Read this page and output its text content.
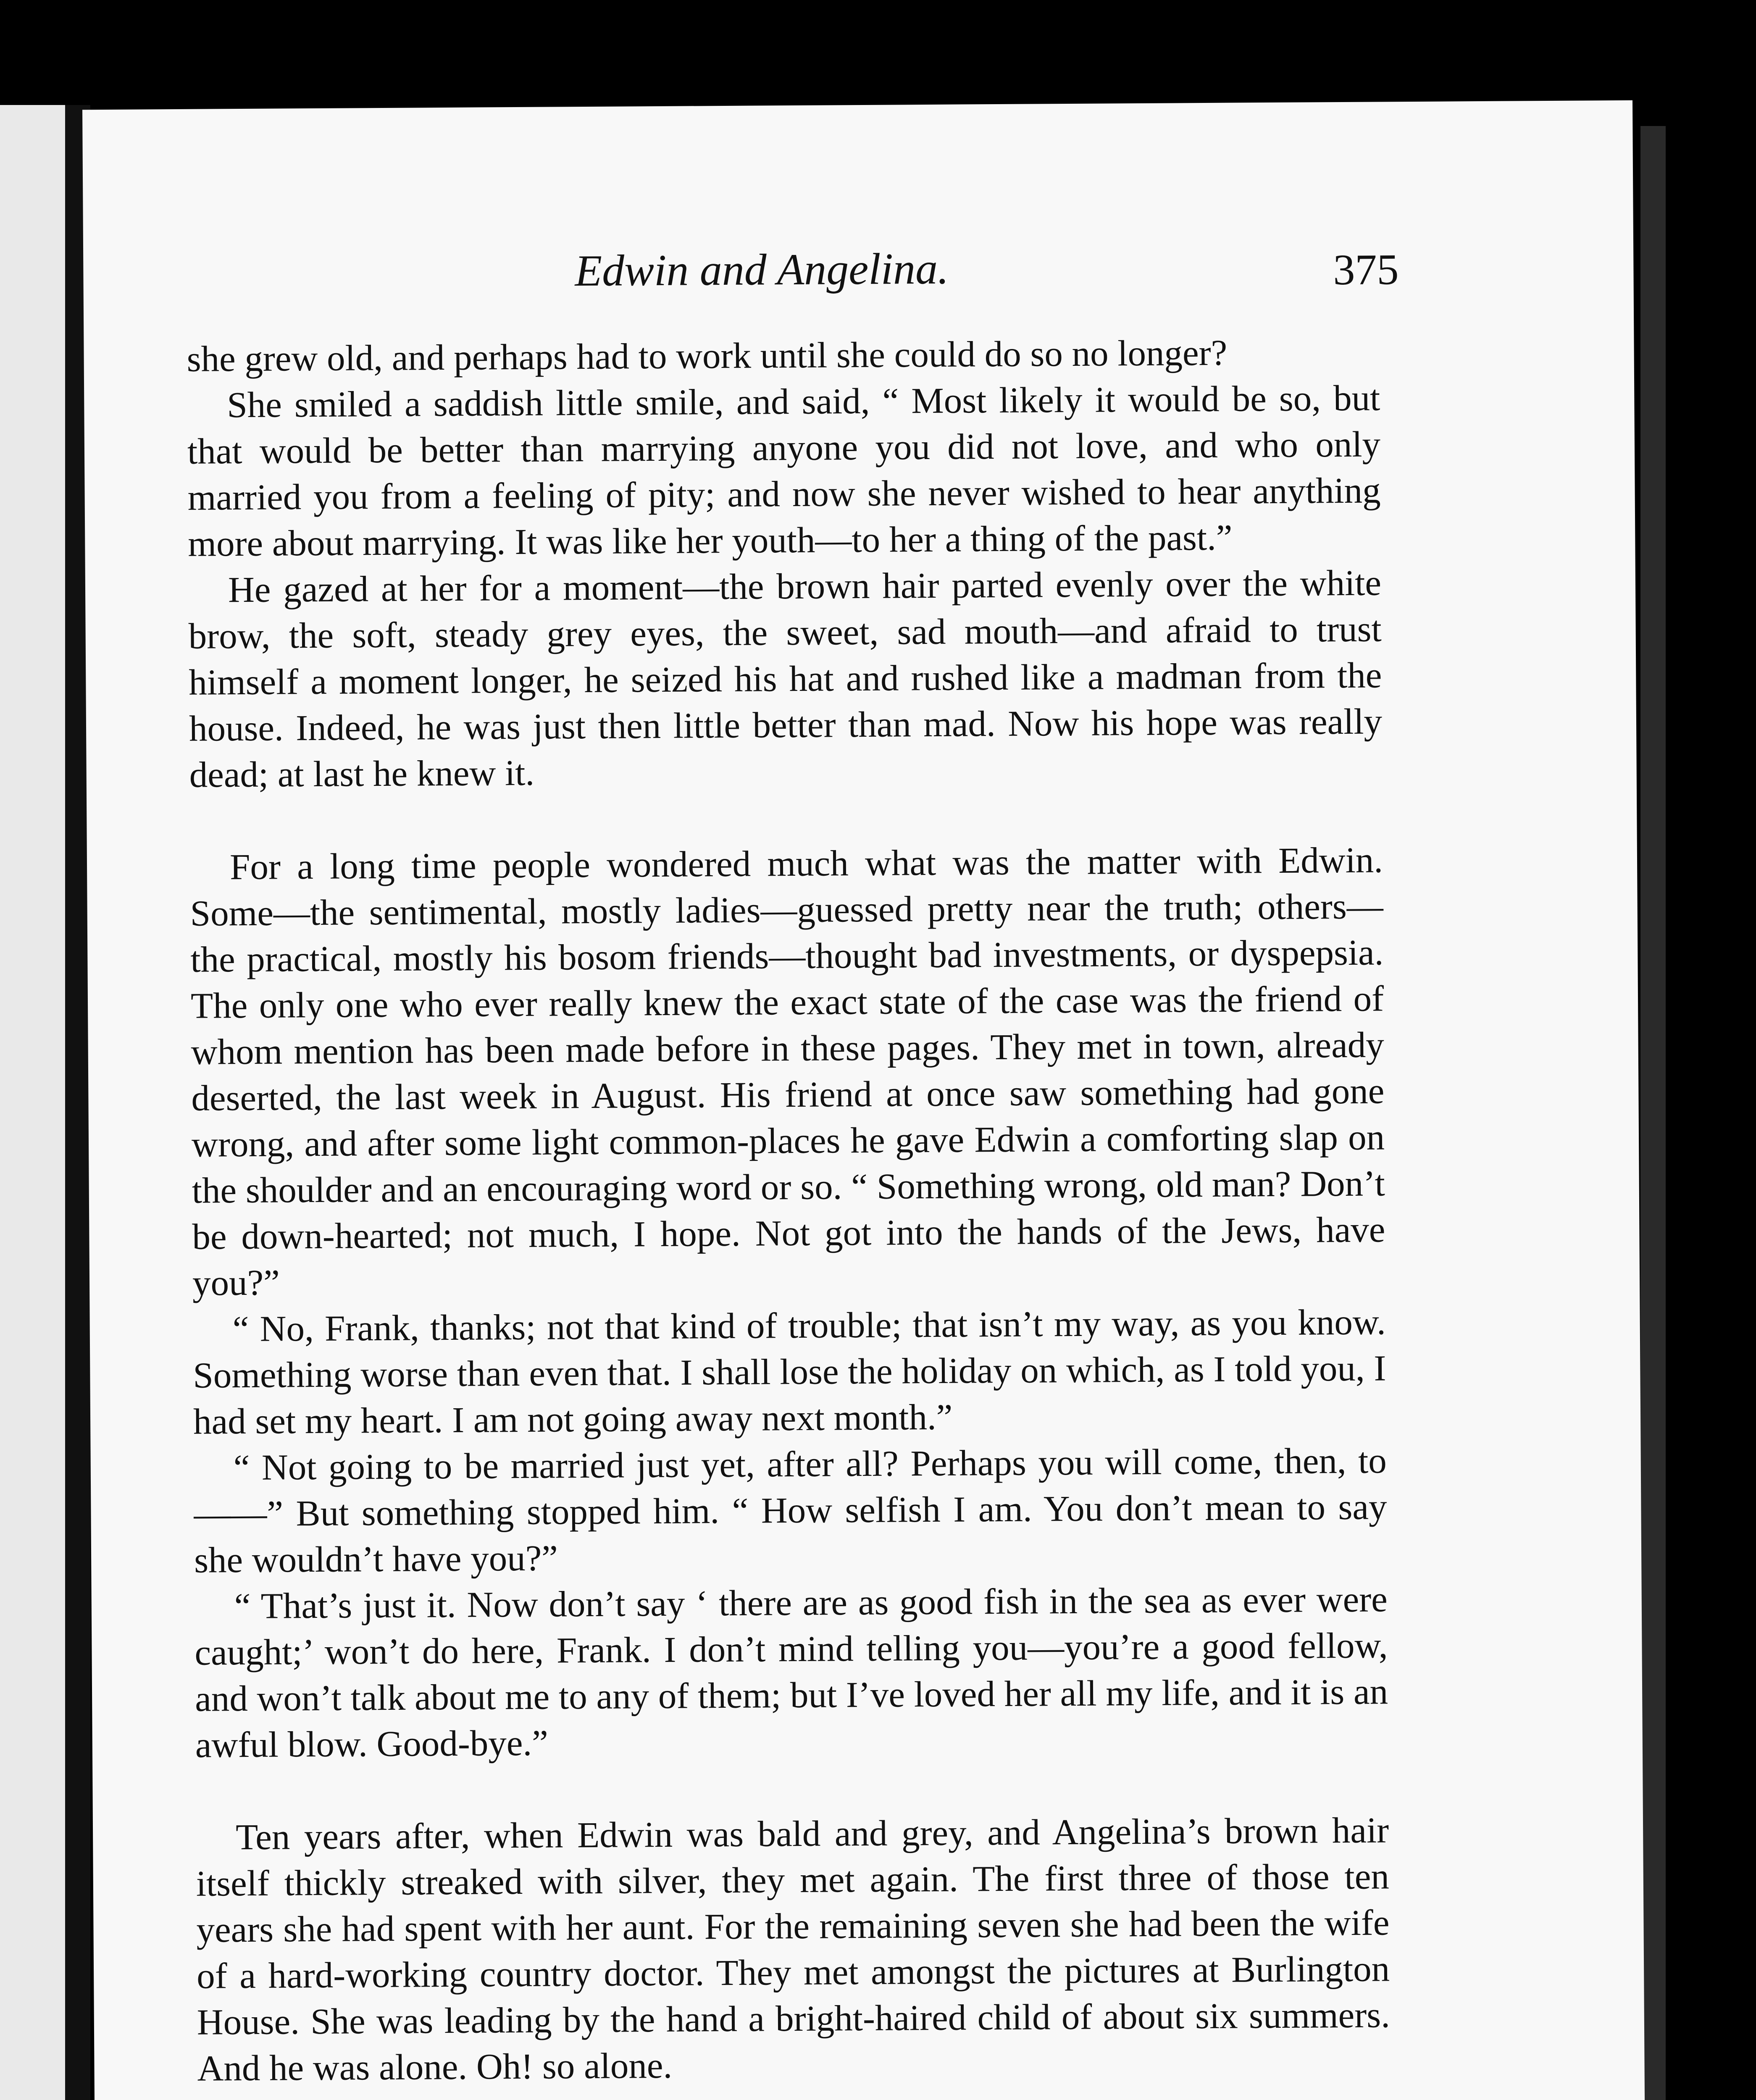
Edwin and Angelina.	375

she grew old, and perhaps had to work until she could do so no longer?

She smiled a saddish little smile, and said, “ Most likely it would be so, but that would be better than marrying anyone you did not love, and who only married you from a feeling of pity; and now she never wished to hear anything more about marrying. It was like her youth—to her a thing of the past.”

He gazed at her for a moment—the brown hair parted evenly over the white brow, the soft, steady grey eyes, the sweet, sad mouth—and afraid to trust himself a moment longer, he seized his hat and rushed like a madman from the house. Indeed, he was just then little better than mad. Now his hope was really dead; at last he knew it.

For a long time people wondered much what was the matter with Edwin. Some—the sentimental, mostly ladies—guessed pretty near the truth; others—the practical, mostly his bosom friends—thought bad investments, or dyspepsia. The only one who ever really knew the exact state of the case was the friend of whom mention has been made before in these pages. They met in town, already deserted, the last week in August. His friend at once saw something had gone wrong, and after some light common-places he gave Edwin a comforting slap on the shoulder and an encouraging word or so. “ Something wrong, old man? Don’t be down-hearted; not much, I hope. Not got into the hands of the Jews, have you?”

“ No, Frank, thanks; not that kind of trouble; that isn’t my way, as you know. Something worse than even that. I shall lose the holiday on which, as I told you, I had set my heart. I am not going away next month.”

“ Not going to be married just yet, after all? Perhaps you will come, then, to ——” But something stopped him. “ How selfish I am. You don’t mean to say she wouldn’t have you?”

“ That’s just it. Now don’t say ‘ there are as good fish in the sea as ever were caught;’ won’t do here, Frank. I don’t mind telling you—you’re a good fellow, and won’t talk about me to any of them; but I’ve loved her all my life, and it is an awful blow. Good-bye.”

Ten years after, when Edwin was bald and grey, and Angelina’s brown hair itself thickly streaked with silver, they met again. The first three of those ten years she had spent with her aunt. For the remaining seven she had been the wife of a hard-working country doctor. They met amongst the pictures at Burlington House. She was leading by the hand a bright-haired child of about six summers. And he was alone. Oh! so alone.
